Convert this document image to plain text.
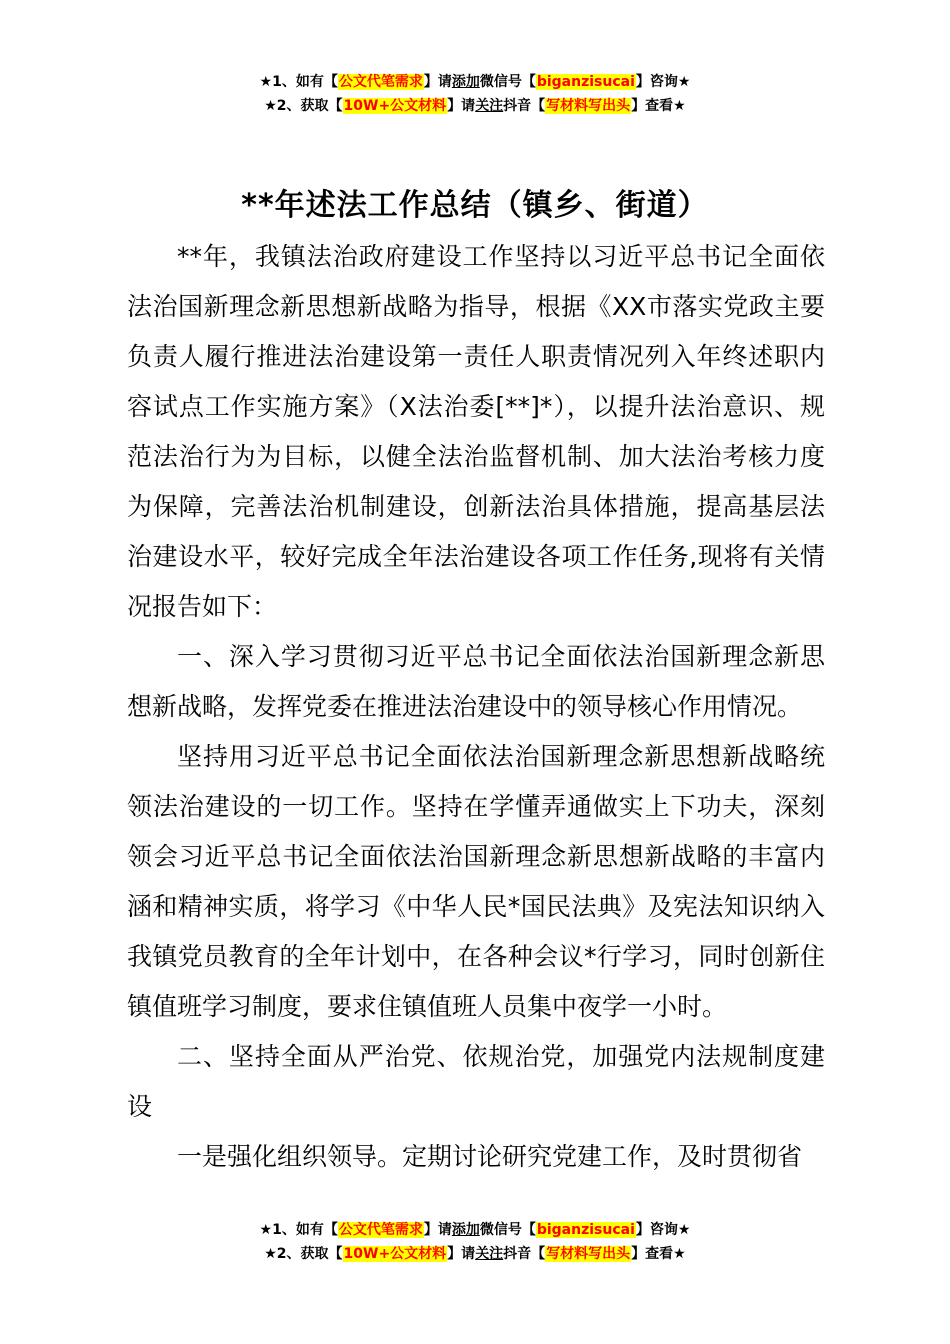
★1、如有【公文代笔需求】请添加微信号【biganzisucai】咨询★
★2、获取【10W+公文材料】请关注抖音【写材料写出头】查看★
**年述法工作总结（镇乡、街道）

**年，我镇法治政府建设工作坚持以习近平总书记全面依法治国新理念新思想新战略为指导，根据《XX市落实党政主要负责人履行推进法治建设第一责任人职责情况列入年终述职内容试点工作实施方案》（X法治委[**]*），以提升法治意识、规范法治行为为目标，以健全法治监督机制、加大法治考核力度为保障，完善法治机制建设，创新法治具体措施，提高基层法治建设水平，较好完成全年法治建设各项工作任务,现将有关情况报告如下：

一、深入学习贯彻习近平总书记全面依法治国新理念新思想新战略，发挥党委在推进法治建设中的领导核心作用情况。

坚持用习近平总书记全面依法治国新理念新思想新战略统领法治建设的一切工作。坚持在学懂弄通做实上下功夫，深刻领会习近平总书记全面依法治国新理念新思想新战略的丰富内涵和精神实质，将学习《中华人民*国民法典》及宪法知识纳入我镇党员教育的全年计划中，在各种会议*行学习，同时创新住镇值班学习制度，要求住镇值班人员集中夜学一小时。

二、坚持全面从严治党、依规治党，加强党内法规制度建设

一是强化组织领导。定期讨论研究党建工作，及时贯彻省

★1、如有【公文代笔需求】请添加微信号【biganzisucai】咨询★
★2、获取【10W+公文材料】请关注抖音【写材料写出头】查看★
